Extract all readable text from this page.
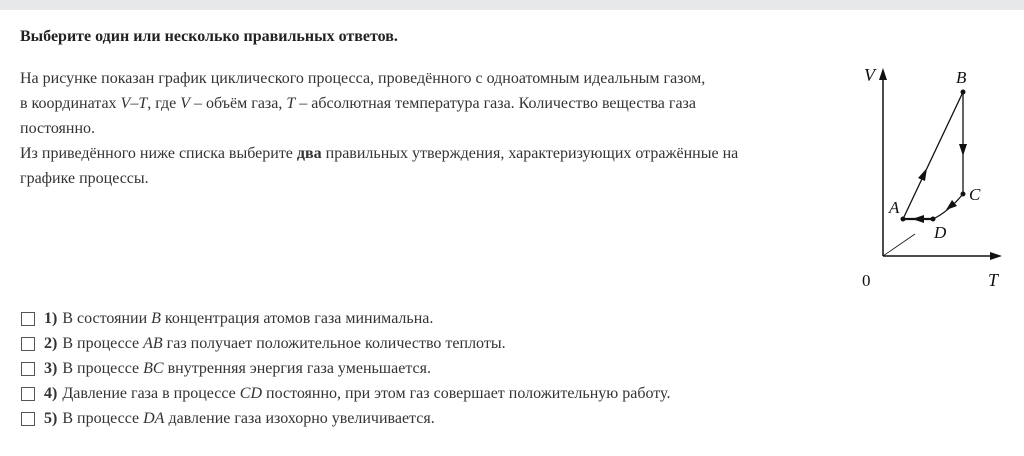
Выберите один или несколько правильных ответов.

На рисунке показан график циклического процесса, проведённого с одноатомным идеальным газом,

в координатах V–T, где V – объём газа, T – абсолютная температура газа. Количество вещества газа

постоянно.

Из приведённого ниже списка выберите два правильных утверждения, характеризующих отражённые на

графике процессы.

V
T
0
A
B
C
D
1) В состоянии B концентрация атомов газа минимальна.
2) В процессе AB газ получает положительное количество теплоты.
3) В процессе BC внутренняя энергия газа уменьшается.
4) Давление газа в процессе CD постоянно, при этом газ совершает положительную работу.
5) В процессе DA давление газа изохорно увеличивается.
